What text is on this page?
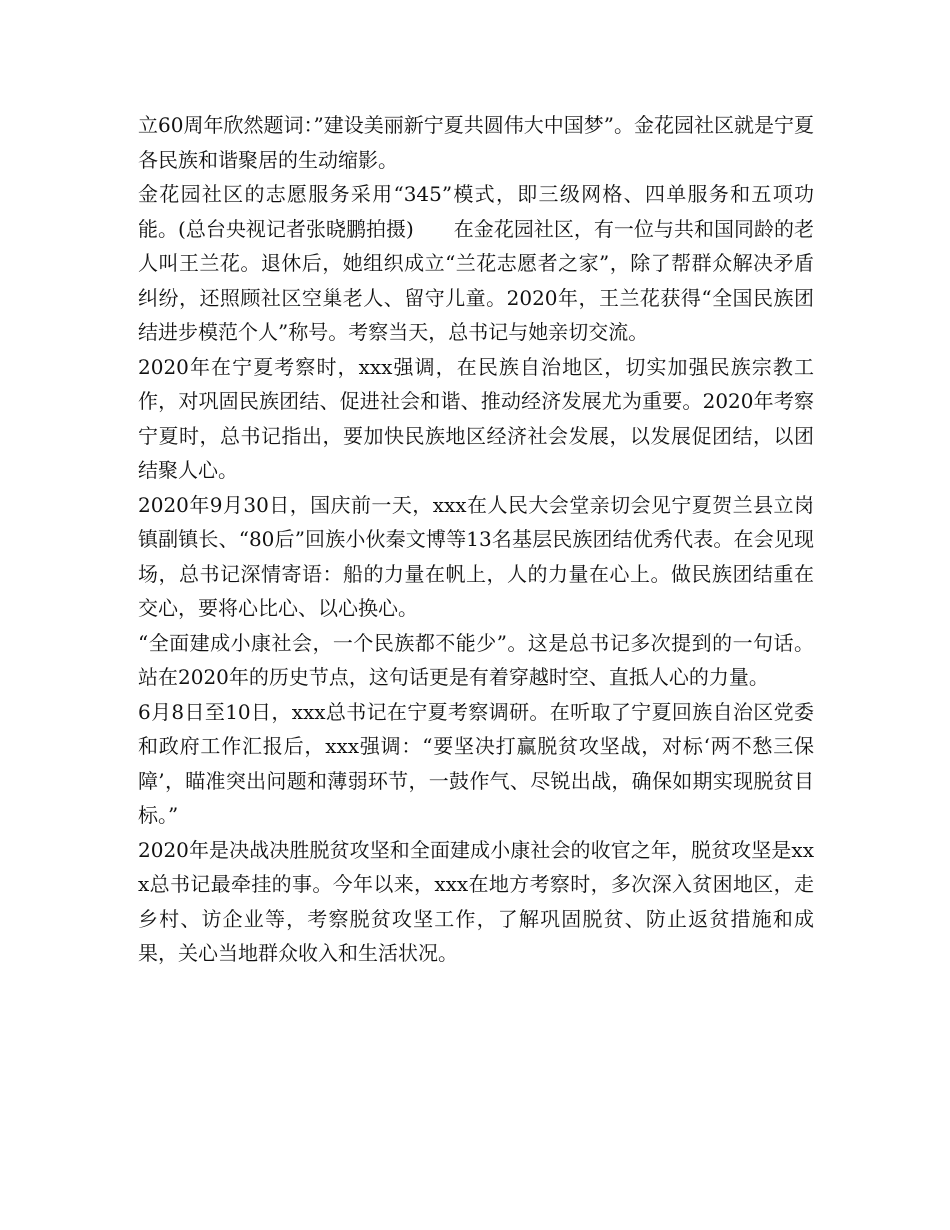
立60周年欣然题词：”建设美丽新宁夏共圆伟大中国梦”。金花园社区就是宁夏各民族和谐聚居的生动缩影。

金花园社区的志愿服务采用“345”模式，即三级网格、四单服务和五项功能。(总台央视记者张晓鹏拍摄)　　在金花园社区，有一位与共和国同龄的老人叫王兰花。退休后，她组织成立“兰花志愿者之家”，除了帮群众解决矛盾纠纷，还照顾社区空巢老人、留守儿童。2020年，王兰花获得“全国民族团结进步模范个人”称号。考察当天，总书记与她亲切交流。

2020年在宁夏考察时，xxx强调，在民族自治地区，切实加强民族宗教工作，对巩固民族团结、促进社会和谐、推动经济发展尤为重要。2020年考察宁夏时，总书记指出，要加快民族地区经济社会发展，以发展促团结，以团结聚人心。

2020年9月30日，国庆前一天，xxx在人民大会堂亲切会见宁夏贺兰县立岗镇副镇长、“80后”回族小伙秦文博等13名基层民族团结优秀代表。在会见现场，总书记深情寄语：船的力量在帆上，人的力量在心上。做民族团结重在交心，要将心比心、以心换心。

“全面建成小康社会，一个民族都不能少”。这是总书记多次提到的一句话。站在2020年的历史节点，这句话更是有着穿越时空、直抵人心的力量。

6月8日至10日，xxx总书记在宁夏考察调研。在听取了宁夏回族自治区党委和政府工作汇报后，xxx强调：“要坚决打赢脱贫攻坚战，对标‘两不愁三保障’，瞄准突出问题和薄弱环节，一鼓作气、尽锐出战，确保如期实现脱贫目标。”

2020年是决战决胜脱贫攻坚和全面建成小康社会的收官之年，脱贫攻坚是xxx总书记最牵挂的事。今年以来，xxx在地方考察时，多次深入贫困地区，走乡村、访企业等，考察脱贫攻坚工作，了解巩固脱贫、防止返贫措施和成果，关心当地群众收入和生活状况。
